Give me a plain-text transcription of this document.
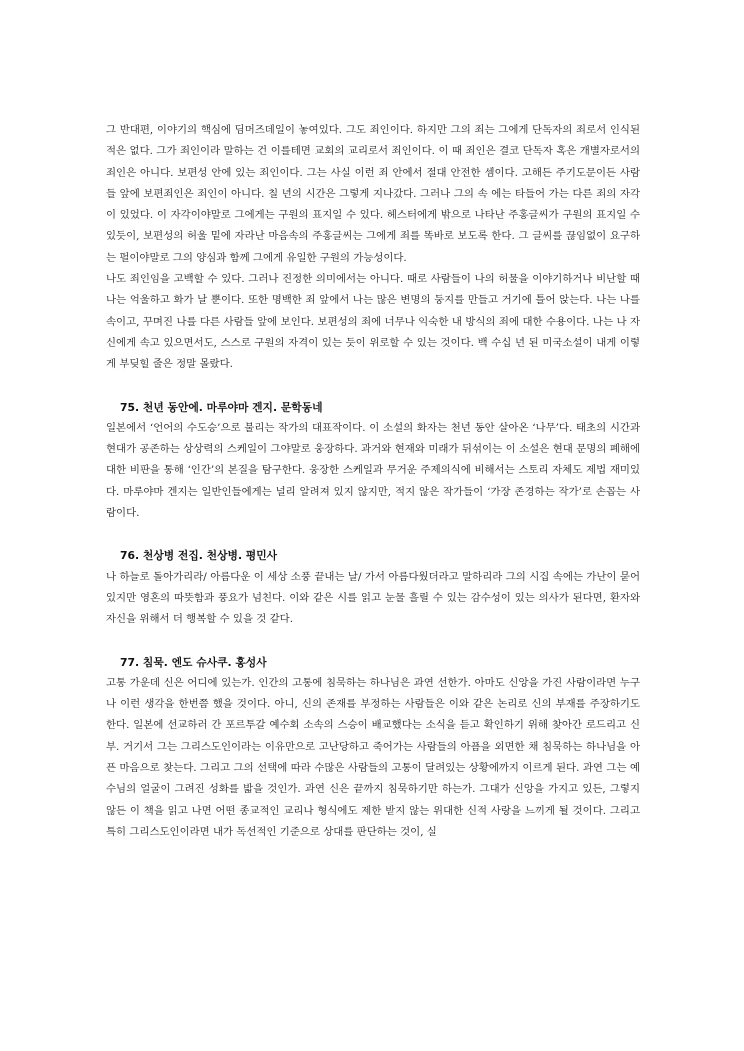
그 반대편, 이야기의 핵심에 딤머즈데일이 놓여있다. 그도 죄인이다. 하지만 그의 죄는 그에게 단독자의 죄로서 인식된 적은 없다. 그가 죄인이라 말하는 건 이를테면 교회의 교리로서 죄인이다. 이 때 죄인은 결코 단독자 혹은 개별자로서의 죄인은 아니다. 보편성 안에 있는 죄인이다. 그는 사실 이런 죄 안에서 절대 안전한 셈이다. 고해든 주기도문이든 사람들 앞에 보편죄인은 죄인이 아니다. 칠 년의 시간은 그렇게 지나갔다. 그러나 그의 속 에는 타들어 가는 다른 죄의 자각이 있었다. 이 자각이야말로 그에게는 구원의 표지일 수 있다. 헤스터에게 밖으로 나타난 주홍글씨가 구원의 표지일 수 있듯이, 보편성의 허울 밑에 자라난 마음속의 주홍글씨는 그에게 죄를 똑바로 보도록 한다. 그 글씨를 끊임없이 요구하는 펄이야말로 그의 양심과 함께 그에게 유일한 구원의 가능성이다.

나도 죄인임을 고백할 수 있다. 그러나 진정한 의미에서는 아니다. 때로 사람들이 나의 허물을 이야기하거나 비난할 때 나는 억울하고 화가 날 뿐이다. 또한 명백한 죄 앞에서 나는 많은 변명의 둥지를 만들고 거기에 틀어 앉는다. 나는 나를 속이고, 꾸며진 나를 다른 사람들 앞에 보인다. 보편성의 죄에 너무나 익숙한 내 방식의 죄에 대한 수용이다. 나는 나 자신에게 속고 있으면서도, 스스로 구원의 자격이 있는 듯이 위로할 수 있는 것이다. 백 수십 년 된 미국소설이 내게 이렇게 부딪힐 줄은 정말 몰랐다.

75. 천년 동안에. 마루야마 겐지. 문학동네

일본에서 ‘언어의 수도승’으로 불리는 작가의 대표작이다. 이 소설의 화자는 천년 동안 살아온 ‘나무’다. 태초의 시간과 현대가 공존하는 상상력의 스케일이 그야말로 웅장하다. 과거와 현재와 미래가 뒤섞이는 이 소설은 현대 문명의 폐해에 대한 비판을 통해 ‘인간’의 본질을 탐구한다. 웅장한 스케일과 무거운 주제의식에 비해서는 스토리 자체도 제법 재미있다. 마루야마 겐지는 일반인들에게는 널리 알려져 있지 않지만, 적지 않은 작가들이 ‘가장 존경하는 작가’로 손꼽는 사람이다.

76. 천상병 전집. 천상병. 평민사

나 하늘로 돌아가리라/ 아름다운 이 세상 소풍 끝내는 날/ 가서 아름다웠더라고 말하리라 그의 시집 속에는 가난이 묻어있지만 영혼의 따뜻함과 풍요가 넘친다. 이와 같은 시를 읽고 눈물 흘릴 수 있는 감수성이 있는 의사가 된다면, 환자와 자신을 위해서 더 행복할 수 있을 것 같다.

77. 침묵. 엔도 슈사쿠. 홍성사

고통 가운데 신은 어디에 있는가. 인간의 고통에 침묵하는 하나님은 과연 선한가. 아마도 신앙을 가진 사람이라면 누구나 이런 생각을 한번쯤 했을 것이다. 아니, 신의 존재를 부정하는 사람들은 이와 같은 논리로 신의 부재를 주장하기도 한다. 일본에 선교하러 간 포르투갈 예수회 소속의 스승이 배교했다는 소식을 듣고 확인하기 위해 찾아간 로드리고 신부. 거기서 그는 그리스도인이라는 이유만으로 고난당하고 죽어가는 사람들의 아픔을 외면한 채 침묵하는 하나님을 아픈 마음으로 찾는다. 그리고 그의 선택에 따라 수많은 사람들의 고통이 달려있는 상황에까지 이르게 된다. 과연 그는 예수님의 얼굴이 그려진 성화를 밟을 것인가. 과연 신은 끝까지 침묵하기만 하는가. 그대가 신앙을 가지고 있든, 그렇지 않든 이 책을 읽고 나면 어떤 종교적인 교리나 형식에도 제한 받지 않는 위대한 신적 사랑을 느끼게 될 것이다. 그리고 특히 그리스도인이라면 내가 독선적인 기준으로 상대를 판단하는 것이, 실
